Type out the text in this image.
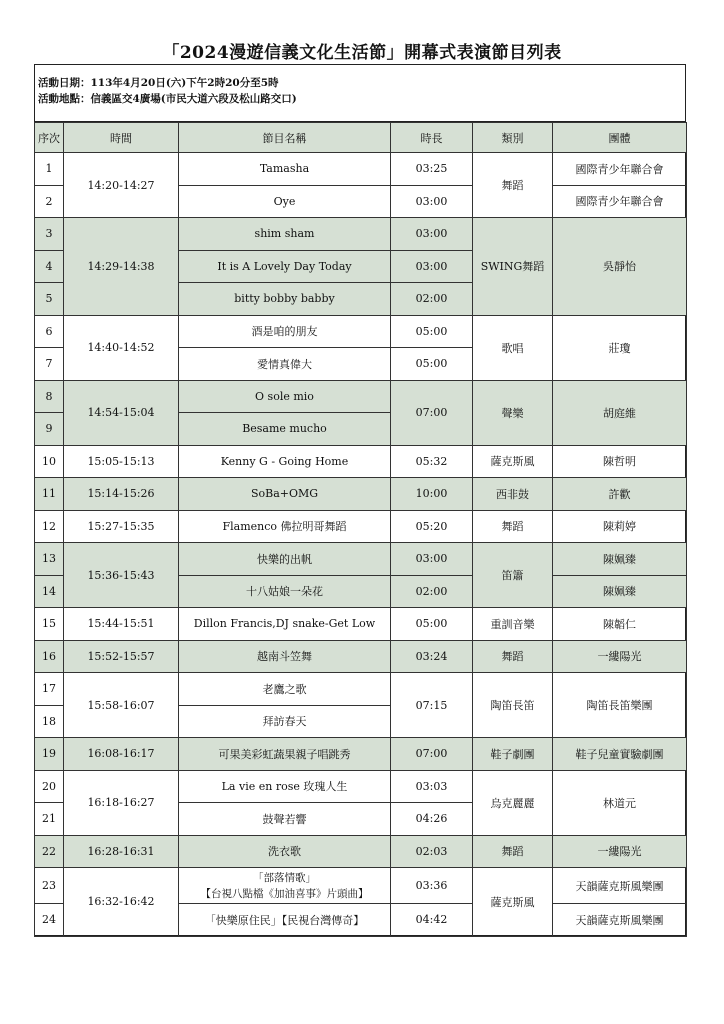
「2024漫遊信義文化生活節」開幕式表演節目列表
活動日期：113年4月20日(六)下午2時20分至5時
活動地點：信義區交4廣場(市民大道六段及松山路交口)
序次	時間	節目名稱	時長	類別	團體
1	14:20-14:27	Tamasha	03:25	舞蹈	國際青少年聯合會
2		Oye	03:00		國際青少年聯合會
3	14:29-14:38	shim sham	03:00	SWING舞蹈	吳靜怡
4		It is A Lovely Day Today	03:00		
5		bitty bobby babby	02:00		
6	14:40-14:52	酒是咱的朋友	05:00	歌唱	莊瓊
7		愛情真偉大	05:00		
8	14:54-15:04	O sole mio	07:00	聲樂	胡庭維
9		Besame mucho			
10	15:05-15:13	Kenny G - Going Home	05:32	薩克斯風	陳哲明
11	15:14-15:26	SoBa+OMG	10:00	西非鼓	許歡
12	15:27-15:35	Flamenco 佛拉明哥舞蹈	05:20	舞蹈	陳莉婷
13	15:36-15:43	快樂的出帆	03:00	笛簫	陳姵臻
14		十八姑娘一朵花	02:00		陳姵臻
15	15:44-15:51	Dillon Francis,DJ snake-Get Low	05:00	重訓音樂	陳韜仁
16	15:52-15:57	越南斗笠舞	03:24	舞蹈	一縷陽光
17	15:58-16:07	老鷹之歌	07:15	陶笛長笛	陶笛長笛樂團
18		拜訪春天			
19	16:08-16:17	可果美彩虹蔬果親子唱跳秀	07:00	鞋子劇團	鞋子兒童實驗劇團
20	16:18-16:27	La vie en rose 玫瑰人生	03:03	烏克麗麗	林道元
21		鼓聲若響	04:26		
22	16:28-16:31	洗衣歌	02:03	舞蹈	一縷陽光
23	16:32-16:42	「部落情歌」
【台視八點檔《加油喜事》片頭曲】	03:36	薩克斯風	天韻薩克斯風樂團
24		「快樂原住民」【民視台灣傳奇】	04:42		天韻薩克斯風樂團
